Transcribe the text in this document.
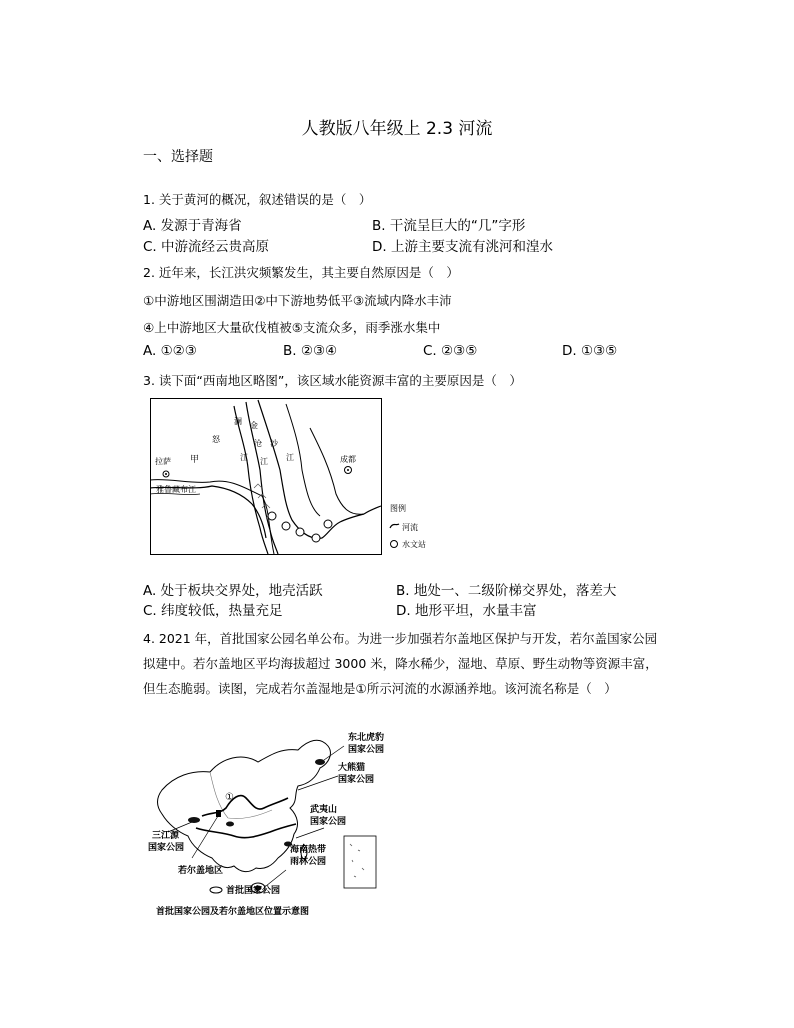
人教版八年级上 2.3 河流
一、选择题
1. 关于黄河的概况，叙述错误的是（　）
A. 发源于青海省	B. 干流呈巨大的“几”字形
C. 中游流经云贵高原	D. 上游主要支流有洮河和湟水
2. 近年来，长江洪灾频繁发生，其主要自然原因是（　）
①中游地区围湖造田②中下游地势低平③流域内降水丰沛
④上中游地区大量砍伐植被⑤支流众多，雨季涨水集中
A. ①②③	B. ②③④	C. ②③⑤	D. ①③⑤
3. 读下面“西南地区略图”，该区域水能资源丰富的主要原因是（　）
拉萨 甲
雅鲁藏布江
澜
怒
金
沧 沙
江 江 江	成都
图例
河流
水文站
A. 处于板块交界处，地壳活跃	B. 地处一、二级阶梯交界处，落差大
C. 纬度较低，热量充足	D. 地形平坦，水量丰富
4. 2021 年，首批国家公园名单公布。为进一步加强若尔盖地区保护与开发，若尔盖国家公园拟建中。若尔盖地区平均海拔超过 3000 米，降水稀少，湿地、草原、野生动物等资源丰富，但生态脆弱。读图，完成若尔盖湿地是①所示河流的水源涵养地。该河流名称是（　）
①
东北虎豹
国家公园
大熊猫
国家公园
武夷山
国家公园
海南热带
雨林公园
三江源
国家公园
若尔盖地区
首批国家公园
首批国家公园及若尔盖地区位置示意图
